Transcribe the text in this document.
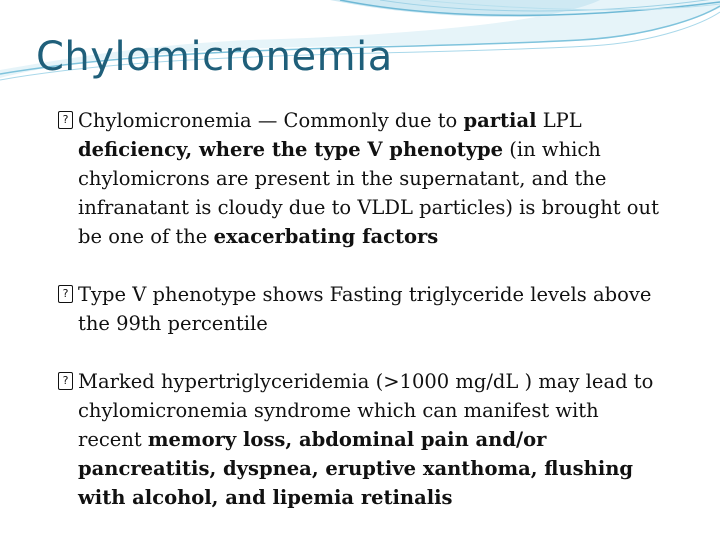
Chylomicronemia
? Chylomicronemia — Commonly due to partial LPL deficiency, where the type V phenotype (in which chylomicrons are present in the supernatant, and the infranatant is cloudy due to VLDL particles) is brought out be one of the exacerbating factors
? Type V phenotype shows Fasting triglyceride levels above the 99th percentile
? Marked hypertriglyceridemia (>1000 mg/dL ) may lead to chylomicronemia syndrome which can manifest with recent memory loss, abdominal pain and/or pancreatitis, dyspnea, eruptive xanthoma, flushing with alcohol, and lipemia retinalis
